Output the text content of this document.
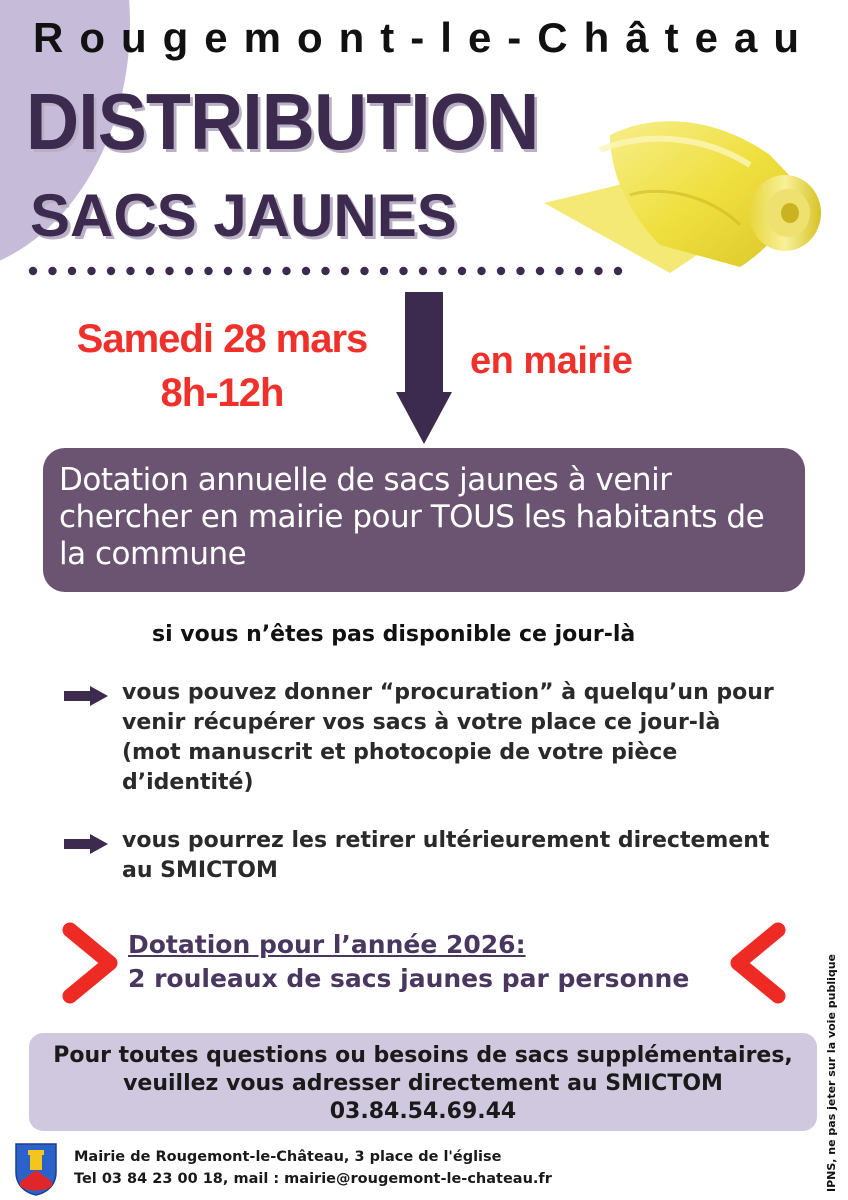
Rougemont-le-Château
DISTRIBUTION
SACS JAUNES
Samedi 28 mars
8h-12h
en mairie
Dotation annuelle de sacs jaunes à venir chercher en mairie pour TOUS les habitants de la commune
si vous n’êtes pas disponible ce jour-là
vous pouvez donner “procuration” à quelqu’un pour venir récupérer vos sacs à votre place ce jour-là (mot manuscrit et photocopie de votre pièce d’identité)
vous pourrez les retirer ultérieurement directement au SMICTOM
Dotation pour l’année 2026:
2 rouleaux de sacs jaunes par personne
Pour toutes questions ou besoins de sacs supplémentaires,
veuillez vous adresser directement au SMICTOM
03.84.54.69.44
Mairie de Rougemont-le-Château, 3 place de l'église
Tel 03 84 23 00 18, mail : mairie@rougemont-le-chateau.fr	IPNS, ne pas jeter sur la voie publique
